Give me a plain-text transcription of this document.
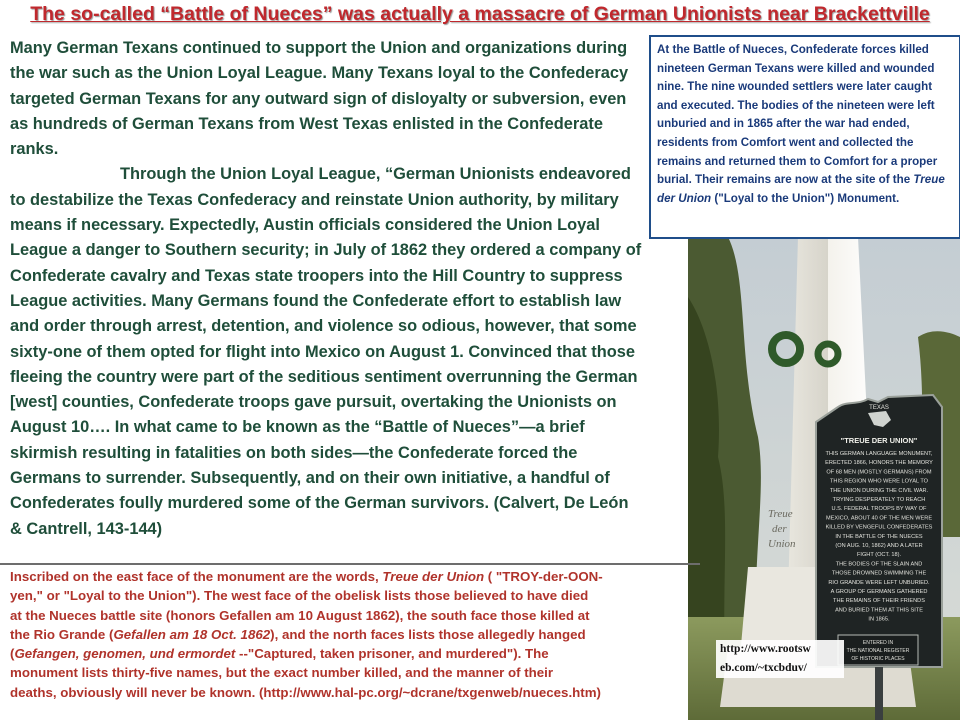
The so-called “Battle of Nueces” was actually a massacre of German Unionists near Brackettville

Many German Texans continued to support the Union and organizations during the war such as the Union Loyal League. Many Texans loyal to the Confederacy targeted German Texans for any outward sign of disloyalty or subversion, even as hundreds of German Texans from West Texas enlisted in the Confederate ranks.

Through the Union Loyal League, “German Unionists endeavored to destabilize the Texas Confederacy and reinstate Union authority, by military means if necessary. Expectedly, Austin officials considered the Union Loyal League a danger to Southern security; in July of 1862 they ordered a company of Confederate cavalry and Texas state troopers into the Hill Country to suppress League activities. Many Germans found the Confederate effort to establish law and order through arrest, detention, and violence so odious, however, that some sixty-one of them opted for flight into Mexico on August 1. Convinced that those fleeing the country were part of the seditious sentiment overrunning the German [west] counties, Confederate troops gave pursuit, overtaking the Unionists on August 10…. In what came to be known as the “Battle of Nueces”—a brief skirmish resulting in fatalities on both sides—the Confederate forced the Germans to surrender. Subsequently, and on their own initiative, a handful of Confederates foully murdered some of the German survivors. (Calvert, De León & Cantrell, 143-144)

At the Battle of Nueces, Confederate forces killed nineteen German Texans were killed and wounded nine. The nine wounded settlers were later caught and executed. The bodies of the nineteen were left unburied and in 1865 after the war had ended, residents from Comfort went and collected the remains and returned them to Comfort for a proper burial. Their remains are now at the site of the Treue der Union ("Loyal to the Union") Monument.
Treue
der
Union
TEXAS
"TREUE DER UNION"
THIS GERMAN LANGUAGE MONUMENT,
ERECTED 1866, HONORS THE MEMORY
OF 68 MEN (MOSTLY GERMANS) FROM
THIS REGION WHO WERE LOYAL TO
THE UNION DURING THE CIVIL WAR.
TRYING DESPERATELY TO REACH
U.S. FEDERAL TROOPS BY WAY OF
MEXICO, ABOUT 40 OF THE MEN WERE
KILLED BY VENGEFUL CONFEDERATES
IN THE BATTLE OF THE NUECES
(ON AUG. 10, 1862) AND A LATER
FIGHT (OCT. 18).
THE BODIES OF THE SLAIN AND
THOSE DROWNED SWIMMING THE
RIO GRANDE WERE LEFT UNBURIED.
A GROUP OF GERMANS GATHERED
THE REMAINS OF THEIR FRIENDS
AND BURIED THEM AT THIS SITE
IN 1865.
ENTERED IN
THE NATIONAL REGISTER
OF HISTORIC PLACES
Inscribed on the east face of the monument are the words, Treue der Union ( "TROY-der-OON-
yen," or "Loyal to the Union"). The west face of the obelisk lists those believed to have died
at the Nueces battle site (honors Gefallen am 10 August 1862), the south face those killed at
the Rio Grande (Gefallen am 18 Oct. 1862), and the north faces lists those allegedly hanged
(Gefangen, genomen, und ermordet --"Captured, taken prisoner, and murdered"). The
monument lists thirty-five names, but the exact number killed, and the manner of their
deaths, obviously will never be known. (http://www.hal-pc.org/~dcrane/txgenweb/nueces.htm)
http://www.rootsw
eb.com/~txcbduv/
